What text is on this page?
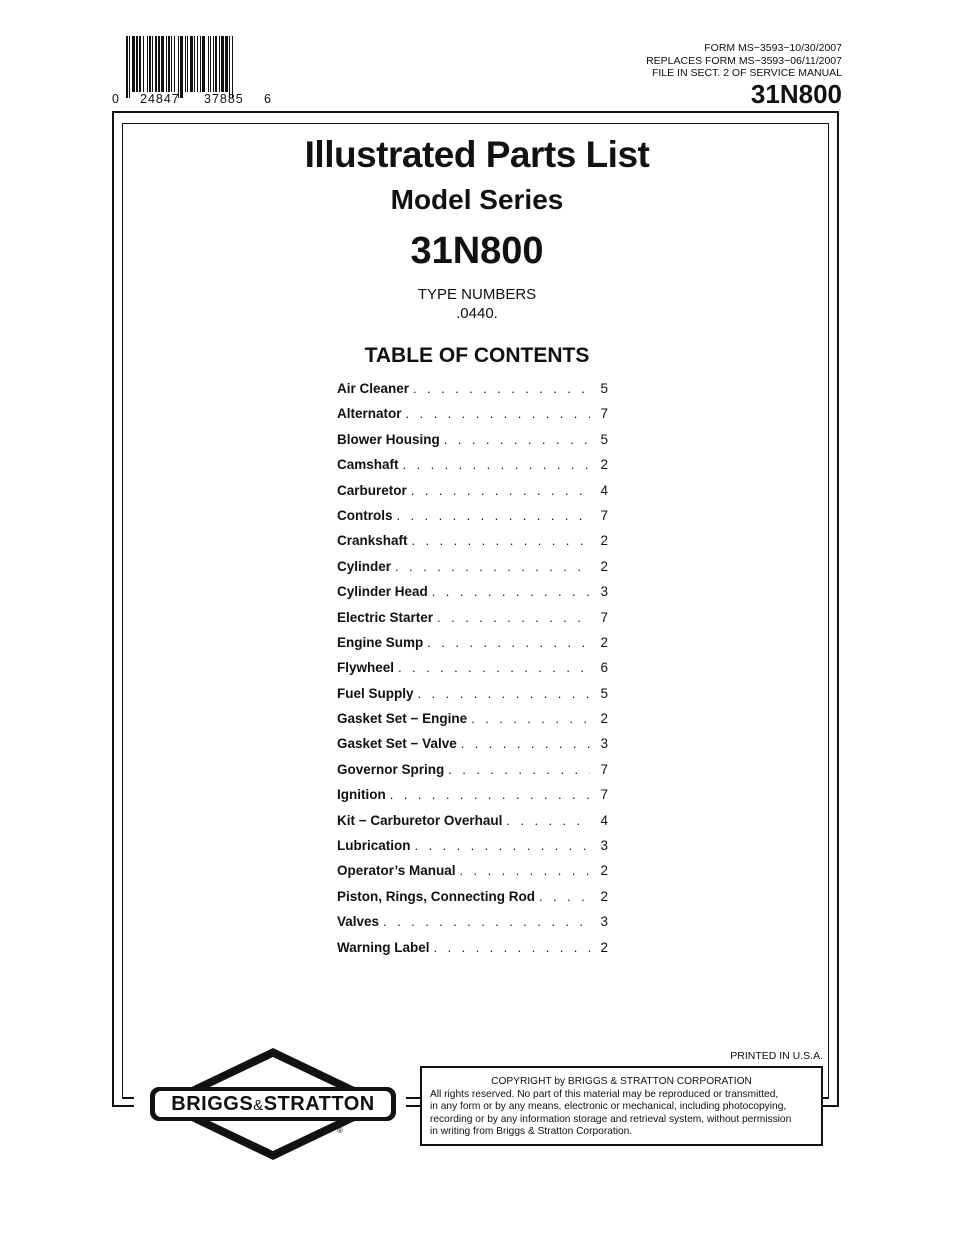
0 24847 37885 6
FORM MS−3593−10/30/2007
REPLACES FORM MS−3593−06/11/2007
FILE IN SECT. 2 OF SERVICE MANUAL
31N800
Illustrated Parts List
Model Series
31N800
TYPE NUMBERS
.0440.
TABLE OF CONTENTS
Air Cleaner . . .	5
Alternator . . .	7
Blower Housing . . .	5
Camshaft . . .	2
Carburetor . . .	4
Controls . . .	7
Crankshaft . . .	2
Cylinder . . .	2
Cylinder Head . . .	3
Electric Starter . . .	7
Engine Sump . . .	2
Flywheel . . .	6
Fuel Supply . . .	5
Gasket Set − Engine . . .	2
Gasket Set − Valve . . .	3
Governor Spring . . .	7
Ignition . . .	7
Kit − Carburetor Overhaul . . .	4
Lubrication . . .	3
Operator’s Manual . . .	2
Piston, Rings, Connecting Rod . . .	2
Valves . . .	3
Warning Label . . .	2
BRIGGS&STRATTON
®
PRINTED IN U.S.A.
COPYRIGHT by BRIGGS & STRATTON CORPORATION
All rights reserved. No part of this material may be reproduced or transmitted,
in any form or by any means, electronic or mechanical, including photocopying,
recording or by any information storage and retrieval system, without permission
in writing from Briggs & Stratton Corporation.
